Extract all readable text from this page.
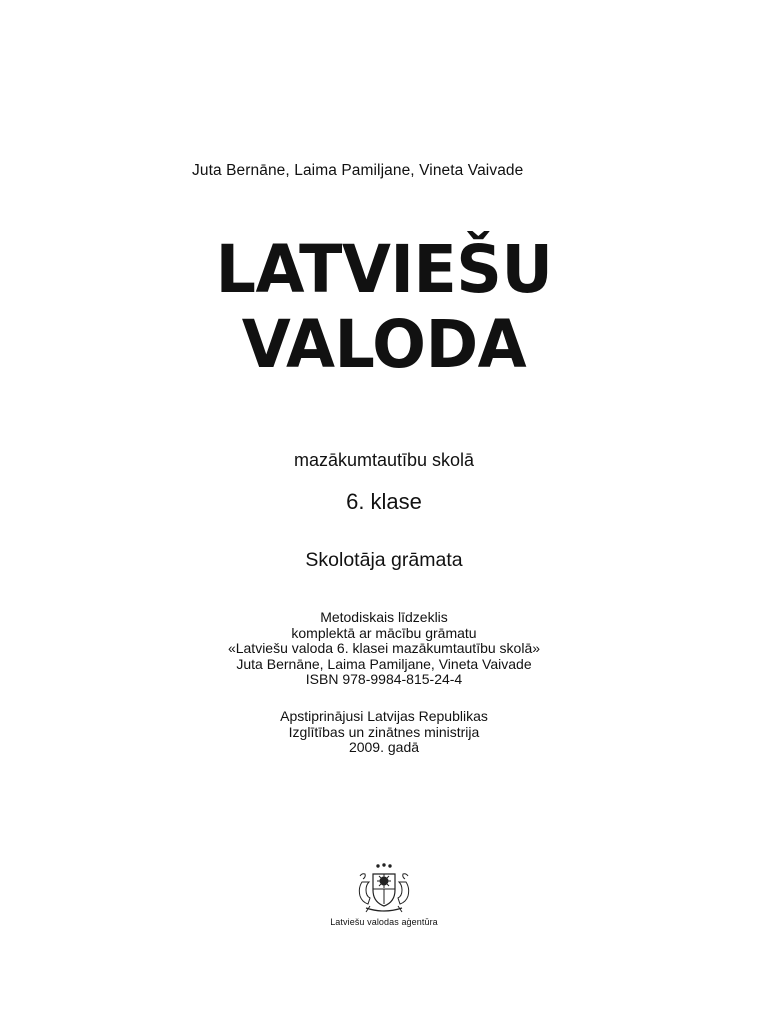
Juta Bernāne, Laima Pamiljane, Vineta Vaivade
LATVIEŠU
VALODA
mazākumtautību skolā
6. klase
Skolotāja grāmata
Metodiskais līdzeklis
komplektā ar mācību grāmatu
«Latviešu valoda 6. klasei mazākumtautību skolā»
Juta Bernāne, Laima Pamiljane, Vineta Vaivade
ISBN 978-9984-815-24-4
Apstiprinājusi Latvijas Republikas
Izglītības un zinātnes ministrija
2009. gadā
Latviešu valodas aģentūra
